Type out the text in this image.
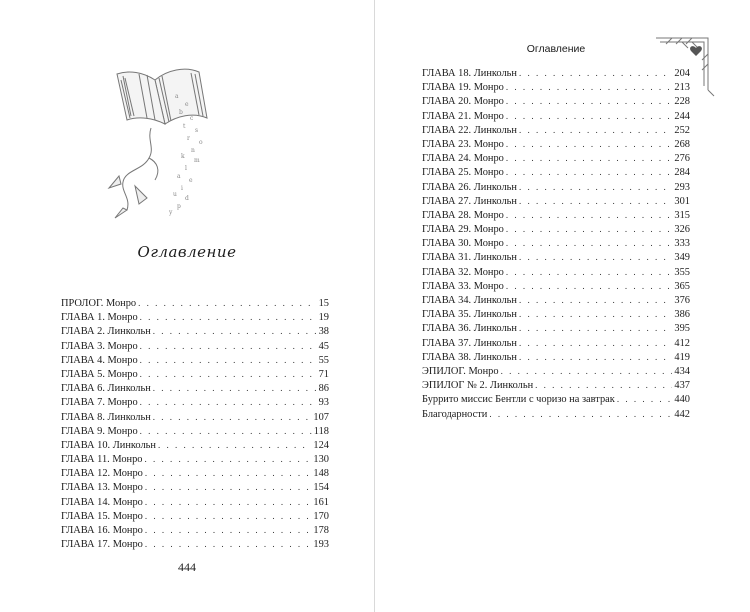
a
e
b
c
t
s
r
o
n
k
m
l
a
e
i
u
d
p
y
Оглавление
ПРОЛОГ. Монро . . .	15
ГЛАВА 1. Монро . . .	19
ГЛАВА 2. Линкольн . . .	38
ГЛАВА 3. Монро . . .	45
ГЛАВА 4. Монро . . .	55
ГЛАВА 5. Монро . . .	71
ГЛАВА 6. Линкольн . . .	86
ГЛАВА 7. Монро . . .	93
ГЛАВА 8. Линкольн . . .	107
ГЛАВА 9. Монро . . .	118
ГЛАВА 10. Линкольн . . .	124
ГЛАВА 11. Монро . . .	130
ГЛАВА 12. Монро . . .	148
ГЛАВА 13. Монро . . .	154
ГЛАВА 14. Монро . . .	161
ГЛАВА 15. Монро . . .	170
ГЛАВА 16. Монро . . .	178
ГЛАВА 17. Монро . . .	193
444
Оглавление
ГЛАВА 18. Линкольн . . .	204
ГЛАВА 19. Монро . . .	213
ГЛАВА 20. Монро . . .	228
ГЛАВА 21. Монро . . .	244
ГЛАВА 22. Линкольн . . .	252
ГЛАВА 23. Монро . . .	268
ГЛАВА 24. Монро . . .	276
ГЛАВА 25. Монро . . .	284
ГЛАВА 26. Линкольн . . .	293
ГЛАВА 27. Линкольн . . .	301
ГЛАВА 28. Монро . . .	315
ГЛАВА 29. Монро . . .	326
ГЛАВА 30. Монро . . .	333
ГЛАВА 31. Линкольн . . .	349
ГЛАВА 32. Монро . . .	355
ГЛАВА 33. Монро . . .	365
ГЛАВА 34. Линкольн . . .	376
ГЛАВА 35. Линкольн . . .	386
ГЛАВА 36. Линкольн . . .	395
ГЛАВА 37. Линкольн . . .	412
ГЛАВА 38. Линкольн . . .	419
ЭПИЛОГ. Монро . . .	434
ЭПИЛОГ № 2. Линкольн . . .	437
Буррито миссис Бентли с чоризо на завтрак . . .	440
Благодарности . . .	442
